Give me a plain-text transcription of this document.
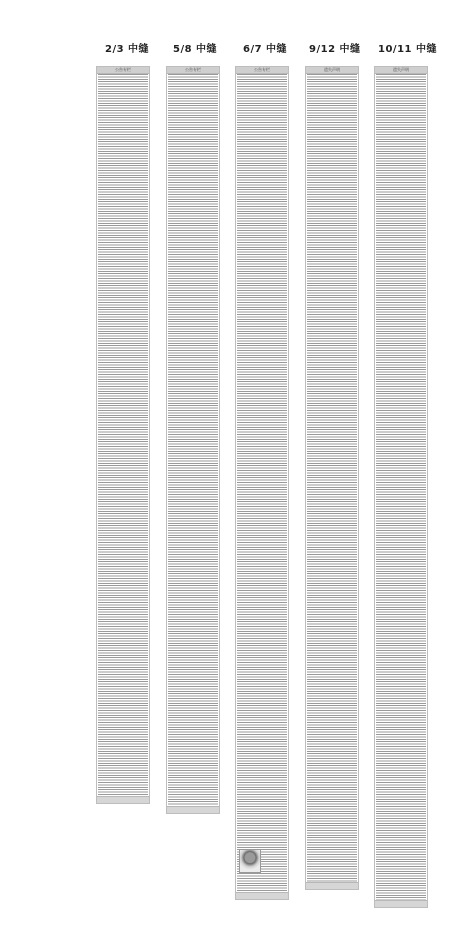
2/3 中缝 5/8 中缝	6/7 中缝 9/12 中缝 10/11 中缝
公告专栏	公告专栏	公告专栏	遗失声明	遗失声明
